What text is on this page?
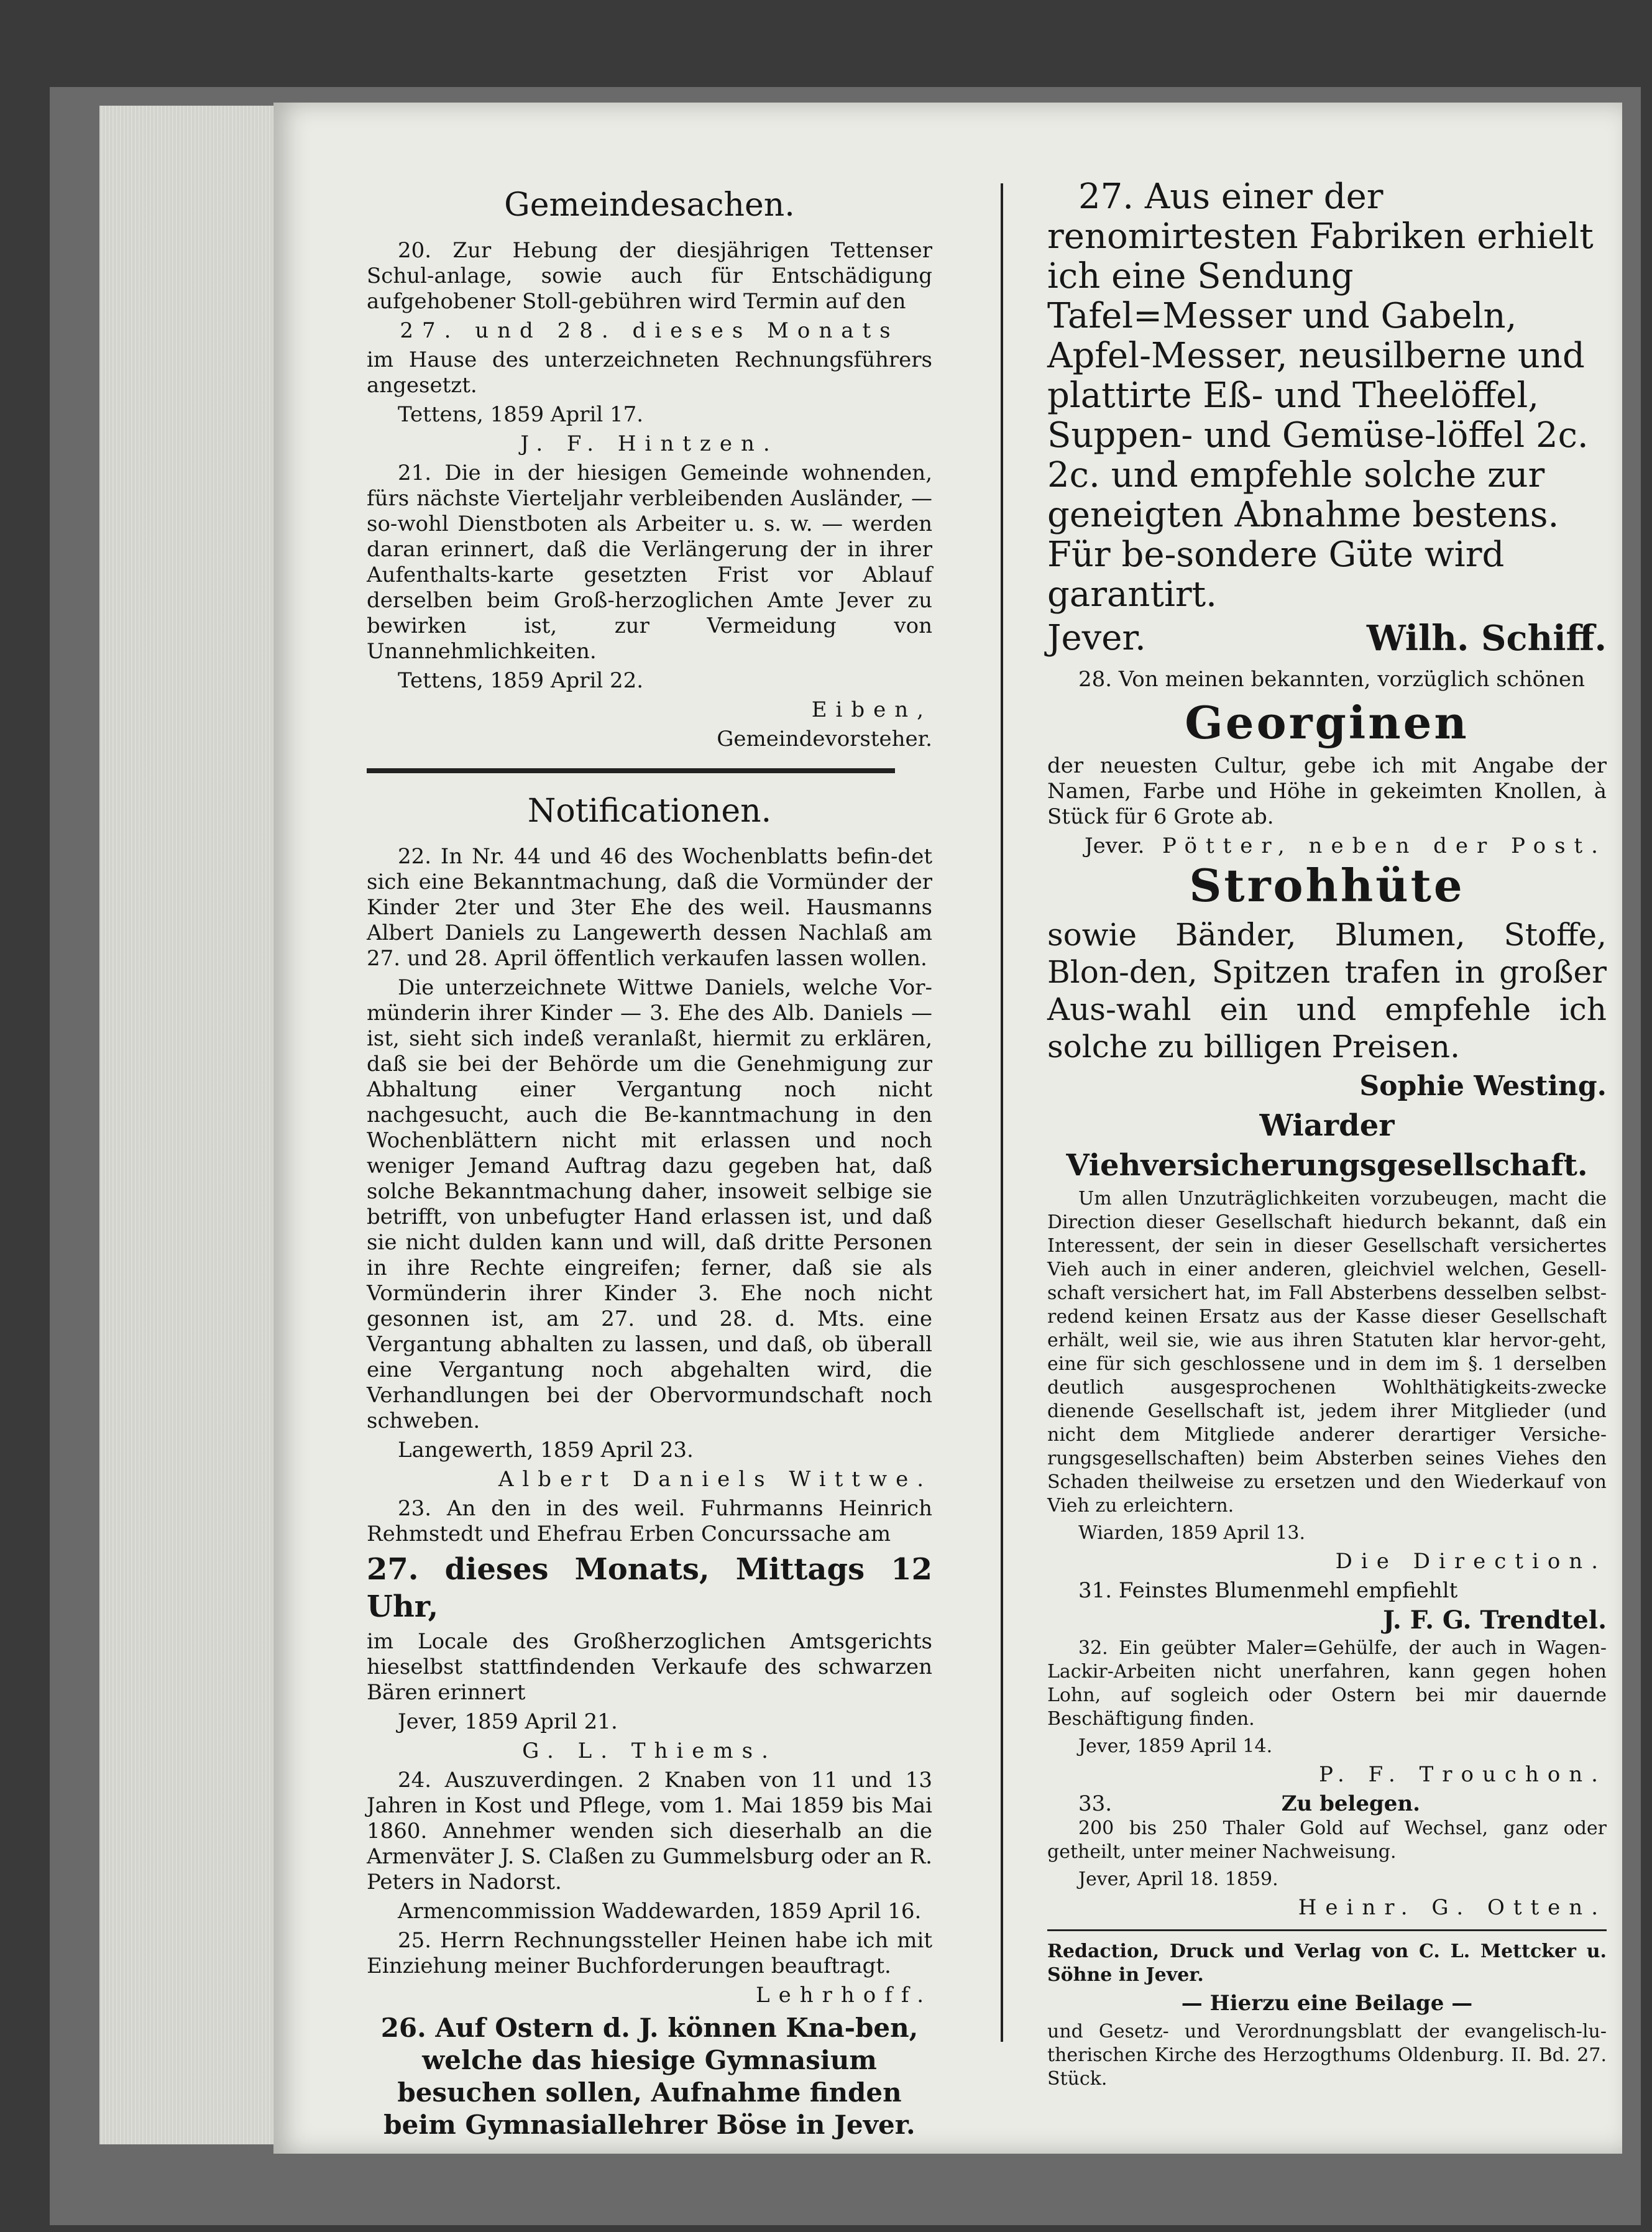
Gemeindesachen.

20. Zur Hebung der diesjährigen Tettenser Schul-anlage, sowie auch für Entschädigung aufgehobener Stoll-gebühren wird Termin auf den

27. und 28. dieses Monats

im Hause des unterzeichneten Rechnungsführers angesetzt.

Tettens, 1859 April 17.

J. F. Hintzen.

21. Die in der hiesigen Gemeinde wohnenden, fürs nächste Vierteljahr verbleibenden Ausländer, — so-wohl Dienstboten als Arbeiter u. s. w. — werden daran erinnert, daß die Verlängerung der in ihrer Aufenthalts-karte gesetzten Frist vor Ablauf derselben beim Groß-herzoglichen Amte Jever zu bewirken ist, zur Vermeidung von Unannehmlichkeiten.

Tettens, 1859 April 22.

Eiben,

Gemeindevorsteher.

Notificationen.

22. In Nr. 44 und 46 des Wochenblatts befin-det sich eine Bekanntmachung, daß die Vormünder der Kinder 2ter und 3ter Ehe des weil. Hausmanns Albert Daniels zu Langewerth dessen Nachlaß am 27. und 28. April öffentlich verkaufen lassen wollen.

Die unterzeichnete Wittwe Daniels, welche Vor-münderin ihrer Kinder — 3. Ehe des Alb. Daniels — ist, sieht sich indeß veranlaßt, hiermit zu erklären, daß sie bei der Behörde um die Genehmigung zur Abhaltung einer Vergantung noch nicht nachgesucht, auch die Be-kanntmachung in den Wochenblättern nicht mit erlassen und noch weniger Jemand Auftrag dazu gegeben hat, daß solche Bekanntmachung daher, insoweit selbige sie betrifft, von unbefugter Hand erlassen ist, und daß sie nicht dulden kann und will, daß dritte Personen in ihre Rechte eingreifen; ferner, daß sie als Vormünderin ihrer Kinder 3. Ehe noch nicht gesonnen ist, am 27. und 28. d. Mts. eine Vergantung abhalten zu lassen, und daß, ob überall eine Vergantung noch abgehalten wird, die Verhandlungen bei der Obervormundschaft noch schweben.

Langewerth, 1859 April 23.

Albert Daniels Wittwe.

23. An den in des weil. Fuhrmanns Heinrich Rehmstedt und Ehefrau Erben Concurssache am

27. dieses Monats, Mittags 12 Uhr,

im Locale des Großherzoglichen Amtsgerichts hieselbst stattfindenden Verkaufe des schwarzen Bären erinnert

Jever, 1859 April 21.

G. L. Thiems.

24. Auszuverdingen. 2 Knaben von 11 und 13 Jahren in Kost und Pflege, vom 1. Mai 1859 bis Mai 1860. Annehmer wenden sich dieserhalb an die Armenväter J. S. Claßen zu Gummelsburg oder an R. Peters in Nadorst.

Armencommission Waddewarden, 1859 April 16.

25. Herrn Rechnungssteller Heinen habe ich mit Einziehung meiner Buchforderungen beauftragt.

Lehrhoff.

26. Auf Ostern d. J. können Kna-ben, welche das hiesige Gymnasium besuchen sollen, Aufnahme finden beim Gymnasiallehrer Böse in Jever.

27. Aus einer der renomirtesten Fabriken erhielt ich eine Sendung Tafel=Messer und Gabeln, Apfel-Messer, neusilberne und plattirte Eß- und Theelöffel, Suppen- und Gemüse-löffel 2c. 2c. und empfehle solche zur geneigten Abnahme bestens. Für be-sondere Güte wird garantirt.

Jever.	Wilh. Schiff.

28. Von meinen bekannten, vorzüglich schönen

Georginen

der neuesten Cultur, gebe ich mit Angabe der Namen, Farbe und Höhe in gekeimten Knollen, à Stück für 6 Grote ab.

Jever. Pötter, neben der Post.

Strohhüte

sowie Bänder, Blumen, Stoffe, Blon-den, Spitzen trafen in großer Aus-wahl ein und empfehle ich solche zu billigen Preisen.

Sophie Westing.

Wiarder

Viehversicherungsgesellschaft.

Um allen Unzuträglichkeiten vorzubeugen, macht die Direction dieser Gesellschaft hiedurch bekannt, daß ein Interessent, der sein in dieser Gesellschaft versichertes Vieh auch in einer anderen, gleichviel welchen, Gesell-schaft versichert hat, im Fall Absterbens desselben selbst-redend keinen Ersatz aus der Kasse dieser Gesellschaft erhält, weil sie, wie aus ihren Statuten klar hervor-geht, eine für sich geschlossene und in dem im §. 1 derselben deutlich ausgesprochenen Wohlthätigkeits-zwecke dienende Gesellschaft ist, jedem ihrer Mitglieder (und nicht dem Mitgliede anderer derartiger Versiche-rungsgesellschaften) beim Absterben seines Viehes den Schaden theilweise zu ersetzen und den Wiederkauf von Vieh zu erleichtern.

Wiarden, 1859 April 13.

Die Direction.

31. Feinstes Blumenmehl empfiehlt

J. F. G. Trendtel.

32. Ein geübter Maler=Gehülfe, der auch in Wagen-Lackir-Arbeiten nicht unerfahren, kann gegen hohen Lohn, auf sogleich oder Ostern bei mir dauernde Beschäftigung finden.

Jever, 1859 April 14.

P. F. Trouchon.

33.	Zu belegen.

200 bis 250 Thaler Gold auf Wechsel, ganz oder getheilt, unter meiner Nachweisung.

Jever, April 18. 1859.

Heinr. G. Otten.

Redaction, Druck und Verlag von C. L. Mettcker u. Söhne in Jever.

— Hierzu eine Beilage —

und Gesetz- und Verordnungsblatt der evangelisch-lu-therischen Kirche des Herzogthums Oldenburg. II. Bd. 27. Stück.
